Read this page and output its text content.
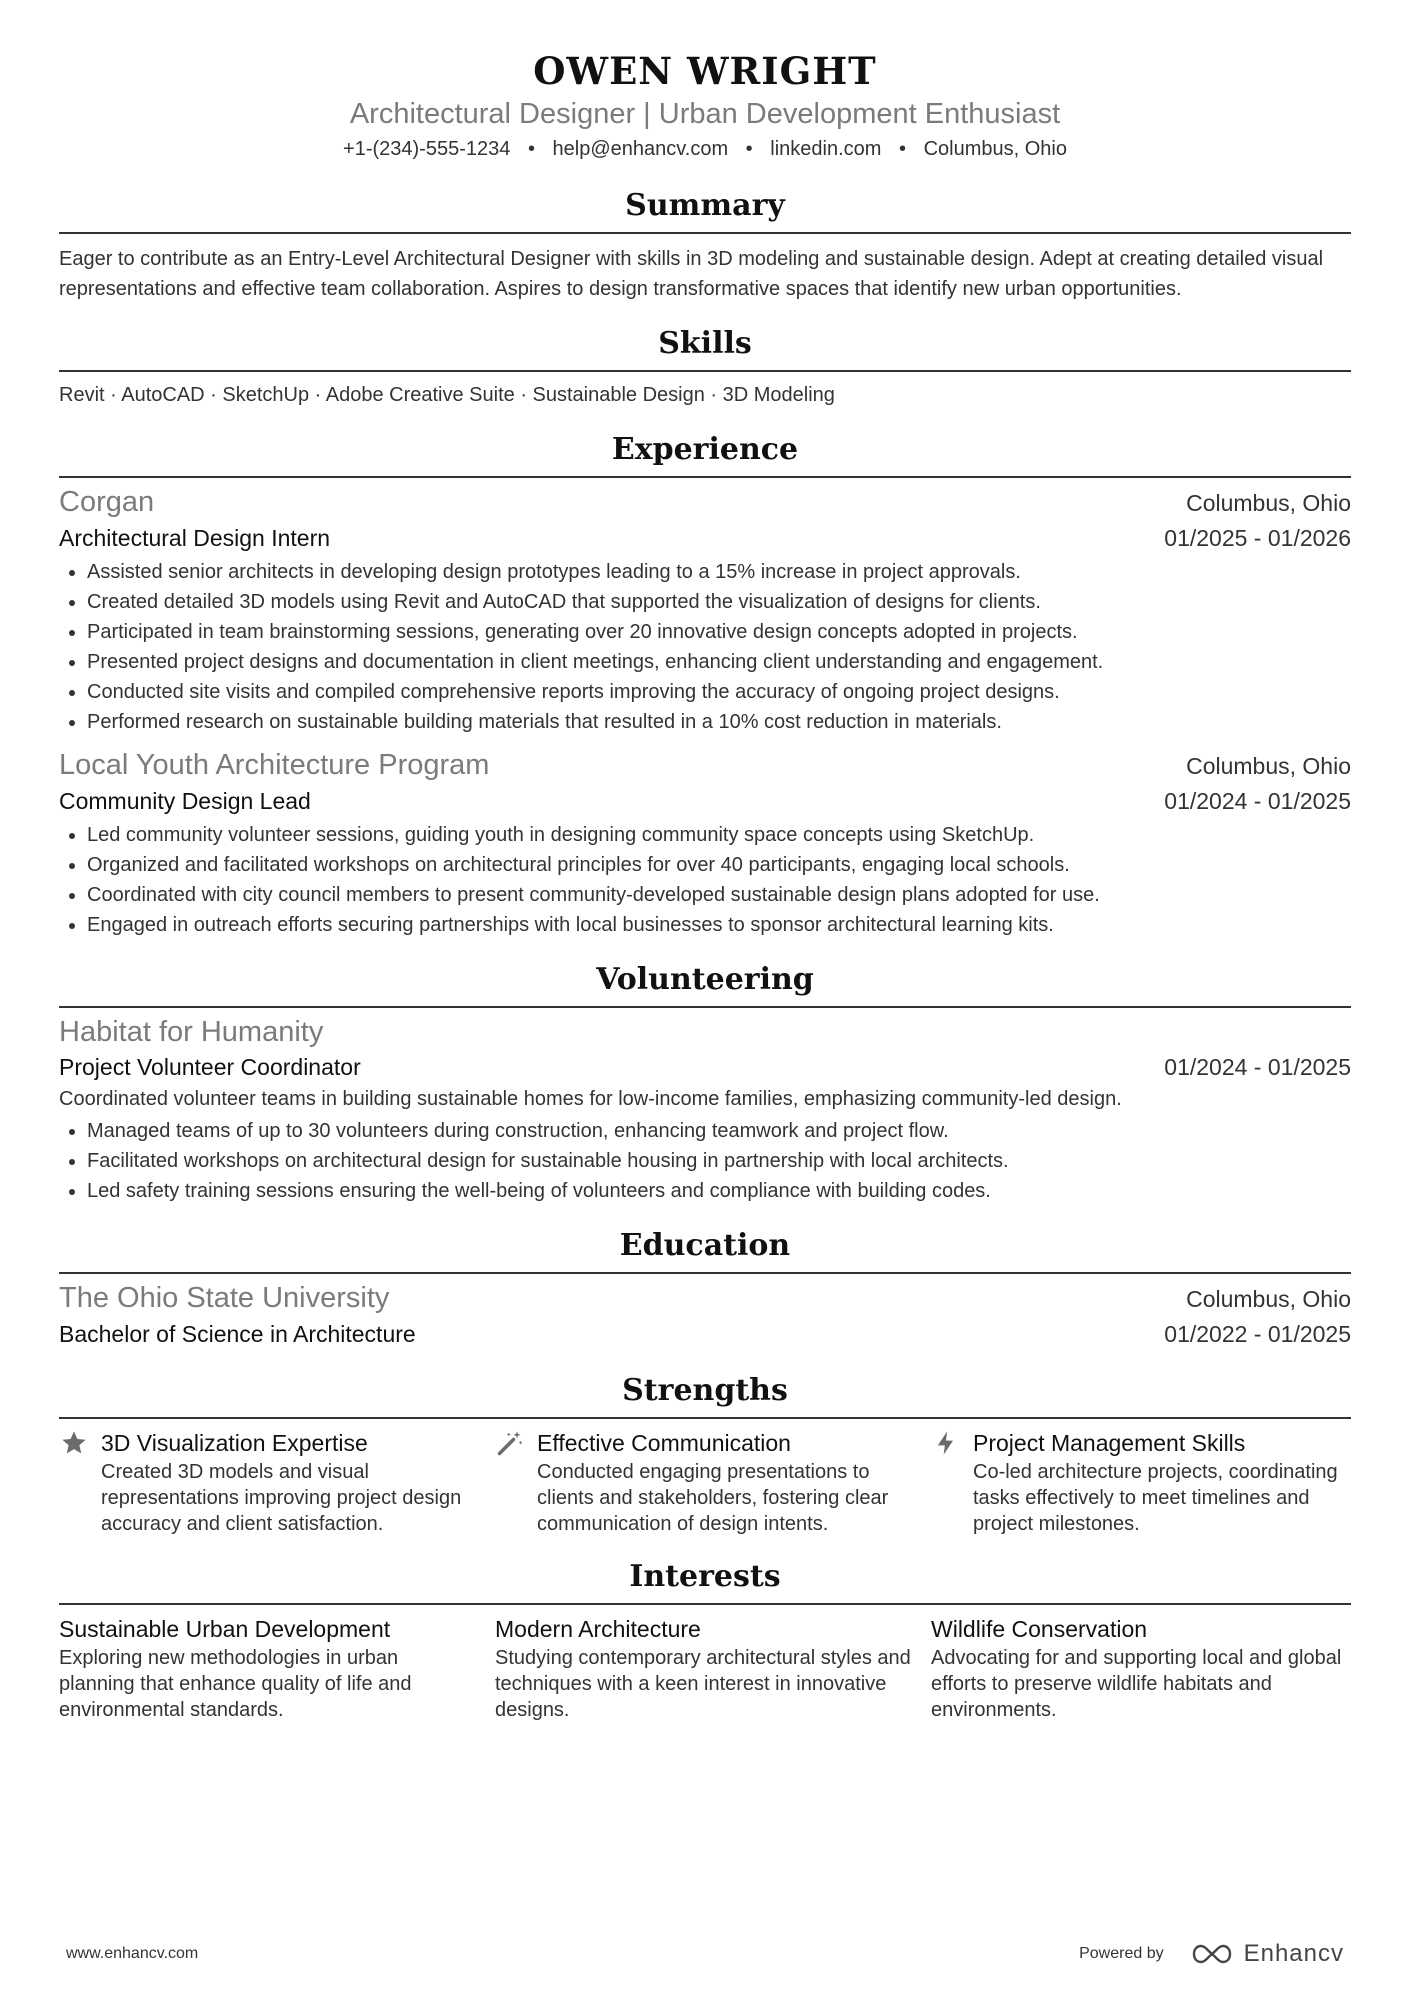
OWEN WRIGHT
Architectural Designer | Urban Development Enthusiast
+1-(234)-555-1234 • help@enhancv.com • linkedin.com • Columbus, Ohio
Summary
Eager to contribute as an Entry-Level Architectural Designer with skills in 3D modeling and sustainable design. Adept at creating detailed visual representations and effective team collaboration. Aspires to design transformative spaces that identify new urban opportunities.
Skills
Revit · AutoCAD · SketchUp · Adobe Creative Suite · Sustainable Design · 3D Modeling
Experience
Corgan	Columbus, Ohio
Architectural Design Intern	01/2025 - 01/2026
• Assisted senior architects in developing design prototypes leading to a 15% increase in project approvals.
• Created detailed 3D models using Revit and AutoCAD that supported the visualization of designs for clients.
• Participated in team brainstorming sessions, generating over 20 innovative design concepts adopted in projects.
• Presented project designs and documentation in client meetings, enhancing client understanding and engagement.
• Conducted site visits and compiled comprehensive reports improving the accuracy of ongoing project designs.
• Performed research on sustainable building materials that resulted in a 10% cost reduction in materials.
Local Youth Architecture Program	Columbus, Ohio
Community Design Lead	01/2024 - 01/2025
• Led community volunteer sessions, guiding youth in designing community space concepts using SketchUp.
• Organized and facilitated workshops on architectural principles for over 40 participants, engaging local schools.
• Coordinated with city council members to present community-developed sustainable design plans adopted for use.
• Engaged in outreach efforts securing partnerships with local businesses to sponsor architectural learning kits.
Volunteering
Habitat for Humanity
Project Volunteer Coordinator	01/2024 - 01/2025
Coordinated volunteer teams in building sustainable homes for low-income families, emphasizing community-led design.
• Managed teams of up to 30 volunteers during construction, enhancing teamwork and project flow.
• Facilitated workshops on architectural design for sustainable housing in partnership with local architects.
• Led safety training sessions ensuring the well-being of volunteers and compliance with building codes.
Education
The Ohio State University	Columbus, Ohio
Bachelor of Science in Architecture	01/2022 - 01/2025
Strengths
3D Visualization Expertise
Created 3D models and visual representations improving project design accuracy and client satisfaction.
Effective Communication
Conducted engaging presentations to clients and stakeholders, fostering clear communication of design intents.
Project Management Skills
Co-led architecture projects, coordinating tasks effectively to meet timelines and project milestones.
Interests
Sustainable Urban Development
Exploring new methodologies in urban planning that enhance quality of life and environmental standards.
Modern Architecture
Studying contemporary architectural styles and techniques with a keen interest in innovative designs.
Wildlife Conservation
Advocating for and supporting local and global efforts to preserve wildlife habitats and environments.
www.enhancv.com	Powered by	Enhancv
